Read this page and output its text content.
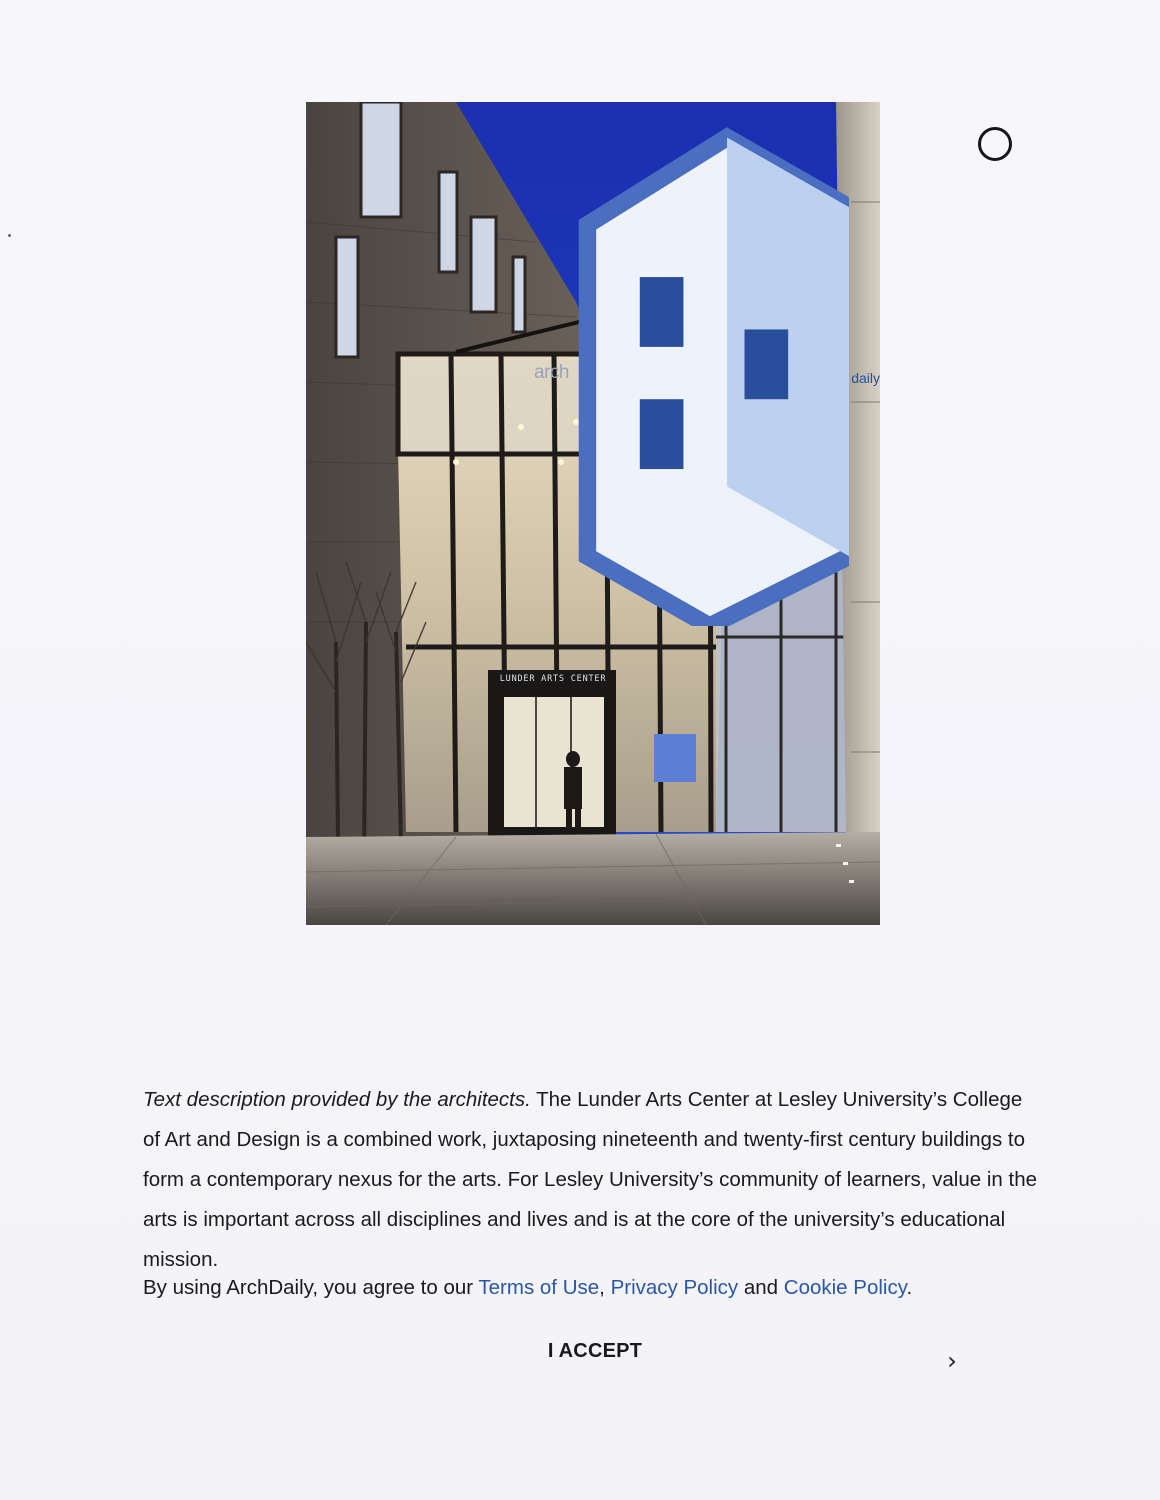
arch	daily
LUNDER ARTS CENTER

Text description provided by the architects. The Lunder Arts Center at Lesley University’s College of Art and Design is a combined work, juxtaposing nineteenth and twenty-first century buildings to form a contemporary nexus for the arts. For Lesley University’s community of learners, value in the arts is important across all disciplines and lives and is at the core of the university’s educational mission.

By using ArchDaily, you agree to our Terms of Use, Privacy Policy and Cookie Policy.

I ACCEPT	›
